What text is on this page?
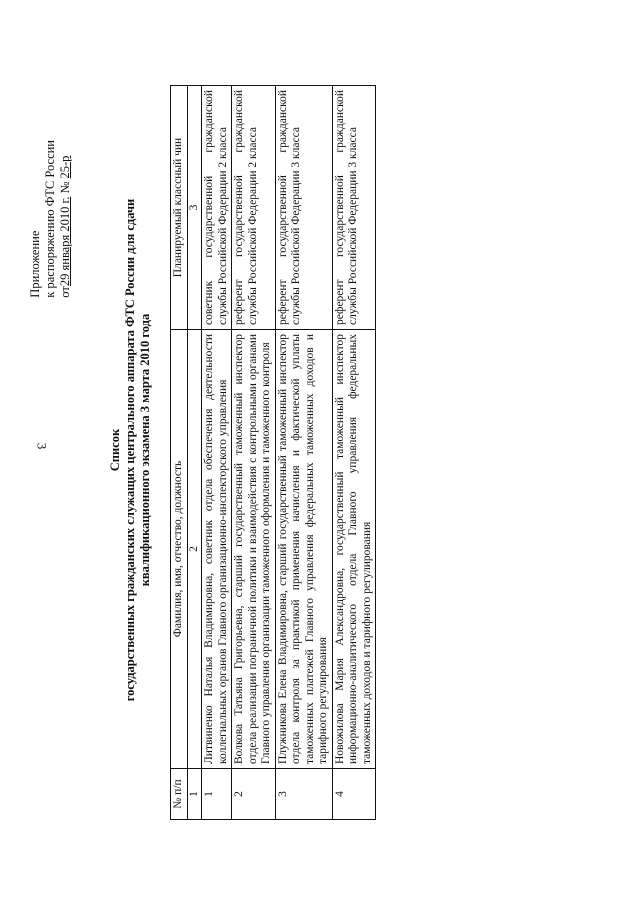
3
Приложение к распоряжению ФТС России от29 января 2010 г. № 25-р
Список государственных гражданских служащих центрального аппарата ФТС России для сдачи квалификационного экзамена 3 марта 2010 года
№ п/п	Фамилия, имя, отчество, должность	Планируемый классный чин
1	2	3
1	Литвиненко Наталья Владимировна, советник отдела обеспечения деятельности коллегиальных органов Главного организационно-инспекторского управления	советник государственной гражданской службы Российской Федерации 2 класса
2	Волкова Татьяна Григорьевна, старший государственный таможенный инспектор отдела реализации пограничной политики и взаимодействия с контрольными органами Главного управления организации таможенного оформления и таможенного контроля	референт государственной гражданской службы Российской Федерации 2 класса
3	Плужникова Елена Владимировна, старший государственный таможенный инспектор отдела контроля за практикой применения начисления и фактической уплаты таможенных платежей Главного управления федеральных таможенных доходов и тарифного регулирования	референт государственной гражданской службы Российской Федерации 3 класса
4	Новожилова Мария Александровна, государственный таможенный инспектор информационно-аналитического отдела Главного управления федеральных таможенных доходов и тарифного регулирования	референт государственной гражданской службы Российской Федерации 3 класса
